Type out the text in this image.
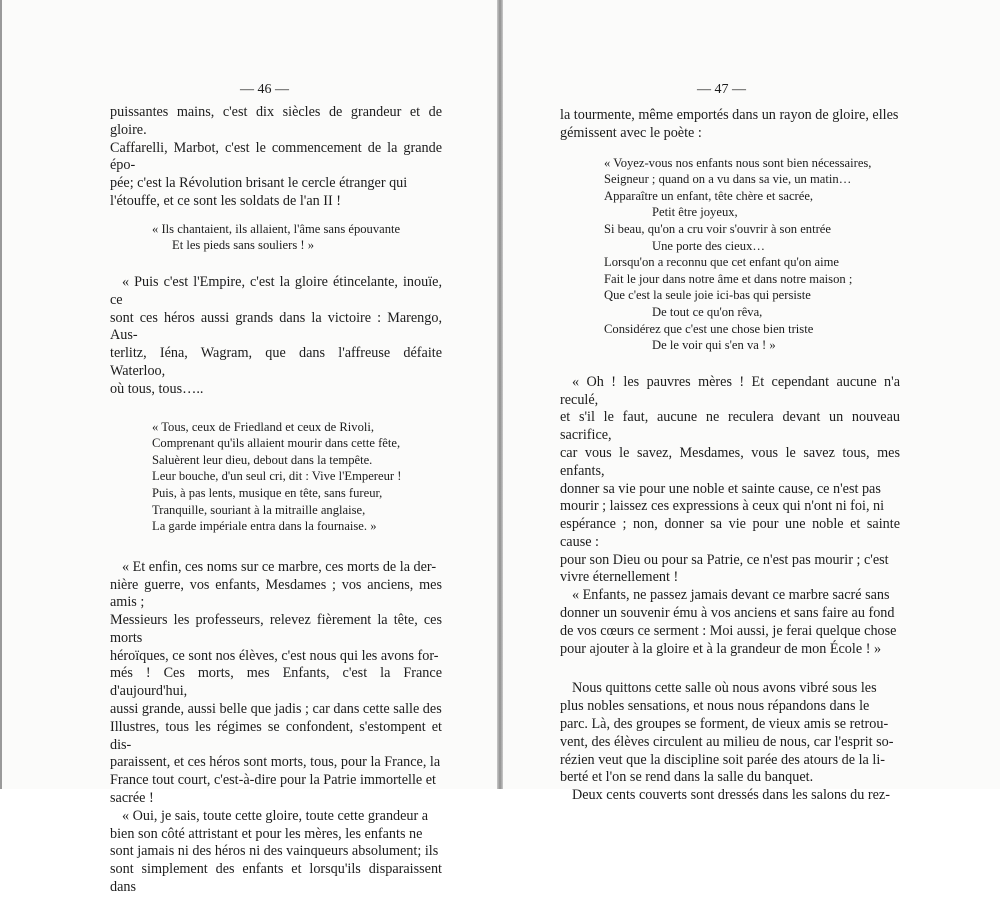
— 46 —

puissantes mains, c'est dix siècles de grandeur et de gloire.

Caffarelli, Marbot, c'est le commencement de la grande épo-

pée; c'est la Révolution brisant le cercle étranger qui

l'étouffe, et ce sont les soldats de l'an II !

« Ils chantaient, ils allaient, l'âme sans épouvante

Et les pieds sans souliers ! »

« Puis c'est l'Empire, c'est la gloire étincelante, inouïe, ce

sont ces héros aussi grands dans la victoire : Marengo, Aus-

terlitz, Iéna, Wagram, que dans l'affreuse défaite Waterloo,

où tous, tous…..

« Tous, ceux de Friedland et ceux de Rivoli,

Comprenant qu'ils allaient mourir dans cette fête,

Saluèrent leur dieu, debout dans la tempête.

Leur bouche, d'un seul cri, dit : Vive l'Empereur !

Puis, à pas lents, musique en tête, sans fureur,

Tranquille, souriant à la mitraille anglaise,

La garde impériale entra dans la fournaise. »

« Et enfin, ces noms sur ce marbre, ces morts de la der-

nière guerre, vos enfants, Mesdames ; vos anciens, mes amis ;

Messieurs les professeurs, relevez fièrement la tête, ces morts

héroïques, ce sont nos élèves, c'est nous qui les avons for-

més ! Ces morts, mes Enfants, c'est la France d'aujourd'hui,

aussi grande, aussi belle que jadis ; car dans cette salle des

Illustres, tous les régimes se confondent, s'estompent et dis-

paraissent, et ces héros sont morts, tous, pour la France, la

France tout court, c'est-à-dire pour la Patrie immortelle et

sacrée !

« Oui, je sais, toute cette gloire, toute cette grandeur a

bien son côté attristant et pour les mères, les enfants ne

sont jamais ni des héros ni des vainqueurs absolument; ils

sont simplement des enfants et lorsqu'ils disparaissent dans

— 47 —

la tourmente, même emportés dans un rayon de gloire, elles

gémissent avec le poète :

« Voyez-vous nos enfants nous sont bien nécessaires,

Seigneur ; quand on a vu dans sa vie, un matin…

Apparaître un enfant, tête chère et sacrée,

Petit être joyeux,

Si beau, qu'on a cru voir s'ouvrir à son entrée

Une porte des cieux…

Lorsqu'on a reconnu que cet enfant qu'on aime

Fait le jour dans notre âme et dans notre maison ;

Que c'est la seule joie ici-bas qui persiste

De tout ce qu'on rêva,

Considérez que c'est une chose bien triste

De le voir qui s'en va ! »

« Oh ! les pauvres mères ! Et cependant aucune n'a reculé,

et s'il le faut, aucune ne reculera devant un nouveau sacrifice,

car vous le savez, Mesdames, vous le savez tous, mes enfants,

donner sa vie pour une noble et sainte cause, ce n'est pas

mourir ; laissez ces expressions à ceux qui n'ont ni foi, ni

espérance ; non, donner sa vie pour une noble et sainte cause :

pour son Dieu ou pour sa Patrie, ce n'est pas mourir ; c'est

vivre éternellement !

« Enfants, ne passez jamais devant ce marbre sacré sans

donner un souvenir ému à vos anciens et sans faire au fond

de vos cœurs ce serment : Moi aussi, je ferai quelque chose

pour ajouter à la gloire et à la grandeur de mon École ! »

Nous quittons cette salle où nous avons vibré sous les

plus nobles sensations, et nous nous répandons dans le

parc. Là, des groupes se forment, de vieux amis se retrou-

vent, des élèves circulent au milieu de nous, car l'esprit so-

rézien veut que la discipline soit parée des atours de la li-

berté et l'on se rend dans la salle du banquet.

Deux cents couverts sont dressés dans les salons du rez-
